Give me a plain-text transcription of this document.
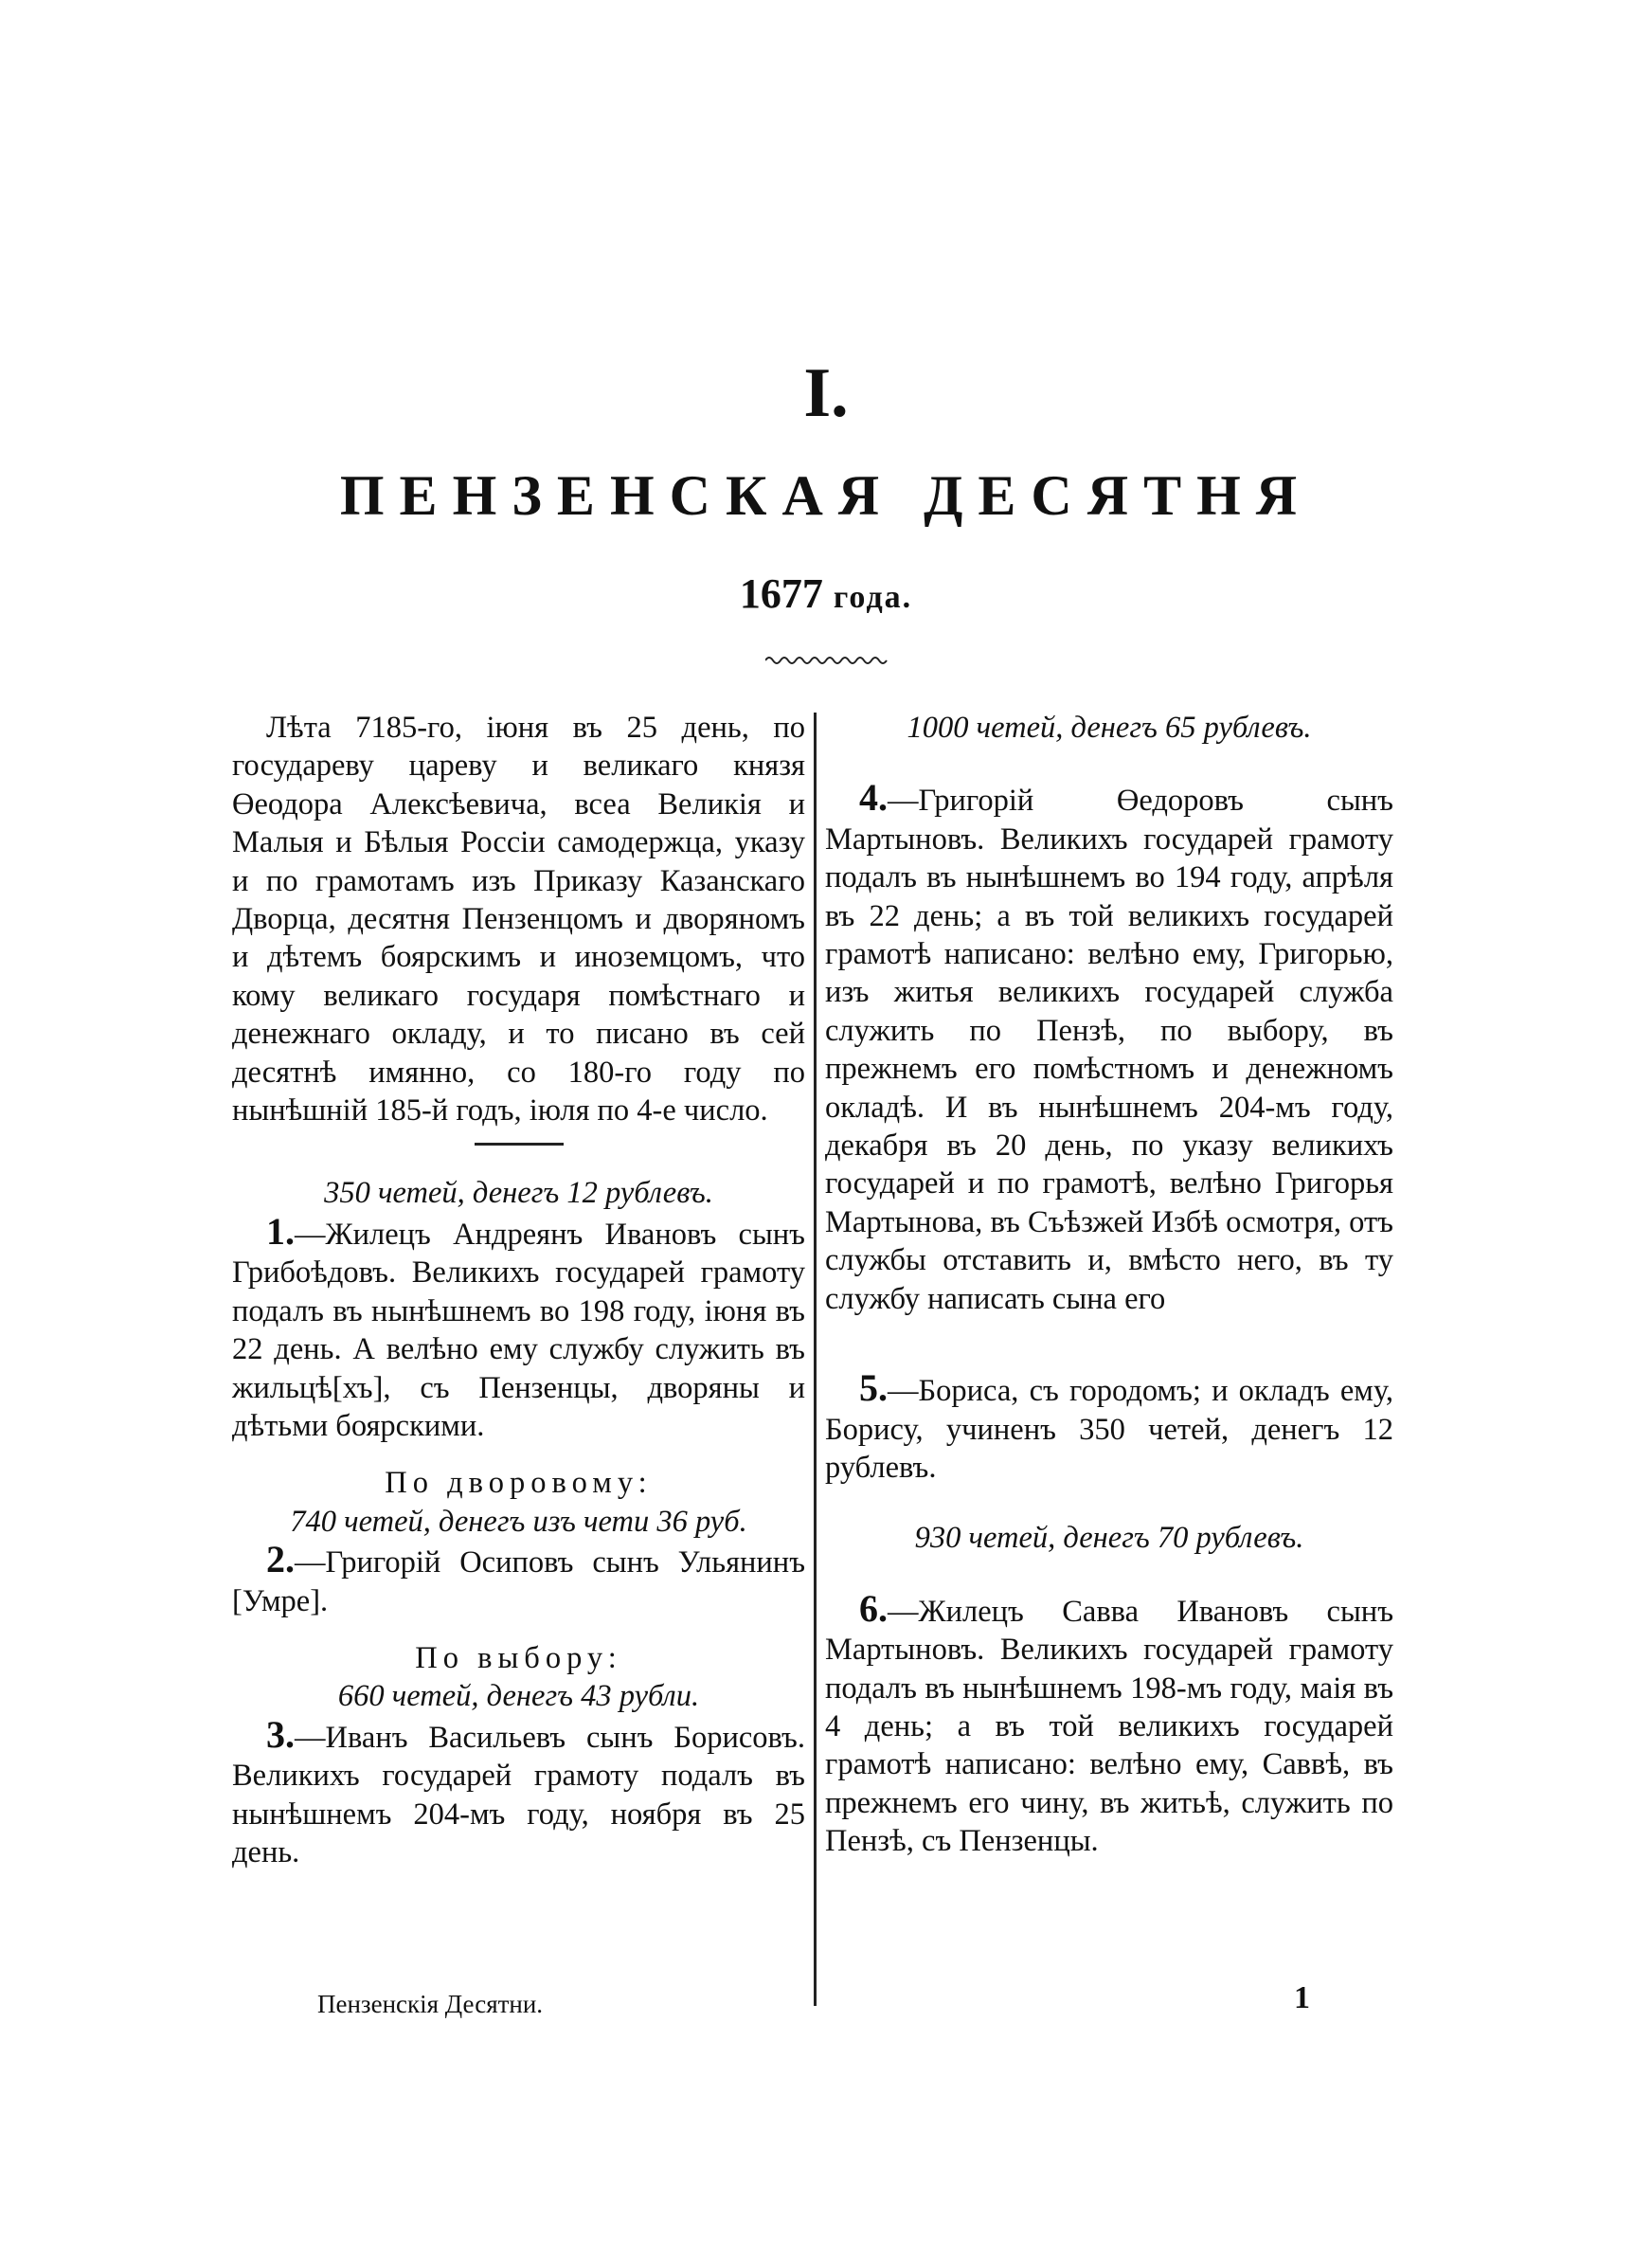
I.
ПЕНЗЕНСКАЯ ДЕСЯТНЯ
1677 года.

Лѣта 7185-го, iюня въ 25 день, по государеву цареву и великаго князя Өеодора Алексѣевича, всеа Великiя и Малыя и Бѣлыя Россiи самодержца, указу и по грамотамъ изъ Приказу Казанскаго Дворца, десятня Пензенцомъ и дворяномъ и дѣтемъ боярскимъ и иноземцомъ, что кому великаго государя помѣстнаго и денежнаго окладу, и то писано въ сей десятнѣ имянно, со 180-го году по нынѣшнiй 185-й годъ, iюля по 4-е число.

350 четей, денегъ 12 рублевъ.

1.—Жилецъ Андреянъ Ивановъ сынъ Грибоѣдовъ. Великихъ государей грамоту подалъ въ нынѣшнемъ во 198 году, iюня въ 22 день. А велѣно ему службу служить въ жильцѣ[хъ], съ Пензенцы, дворяны и дѣтьми боярскими.

По дворовому:

740 четей, денегъ изъ чети 36 руб.

2.—Григорiй Осиповъ сынъ Ульянинъ [Умре].

По выбору:

660 четей, денегъ 43 рубли.

3.—Иванъ Васильевъ сынъ Борисовъ. Великихъ государей грамоту подалъ въ нынѣшнемъ 204-мъ году, ноября въ 25 день.

1000 четей, денегъ 65 рублевъ.

4.—Григорiй Өедоровъ сынъ Мартыновъ. Великихъ государей грамоту подалъ въ нынѣшнемъ во 194 году, апрѣля въ 22 день; а въ той великихъ государей грамотѣ написано: велѣно ему, Григорью, изъ житья великихъ государей служба служить по Пензѣ, по выбору, въ прежнемъ его помѣстномъ и денежномъ окладѣ. И въ нынѣшнемъ 204-мъ году, декабря въ 20 день, по указу великихъ государей и по грамотѣ, велѣно Григорья Мартынова, въ Съѣзжей Избѣ осмотря, отъ службы отставить и, вмѣсто него, въ ту службу написать сына его

5.—Бориса, съ городомъ; и окладъ ему, Борису, учиненъ 350 четей, денегъ 12 рублевъ.

930 четей, денегъ 70 рублевъ.

6.—Жилецъ Савва Ивановъ сынъ Мартыновъ. Великихъ государей грамоту подалъ въ нынѣшнемъ 198-мъ году, маiя въ 4 день; а въ той великихъ государей грамотѣ написано: велѣно ему, Саввѣ, въ прежнемъ его чину, въ житьѣ, служить по Пензѣ, съ Пензенцы.

Пензенскiя Десятни.	1
